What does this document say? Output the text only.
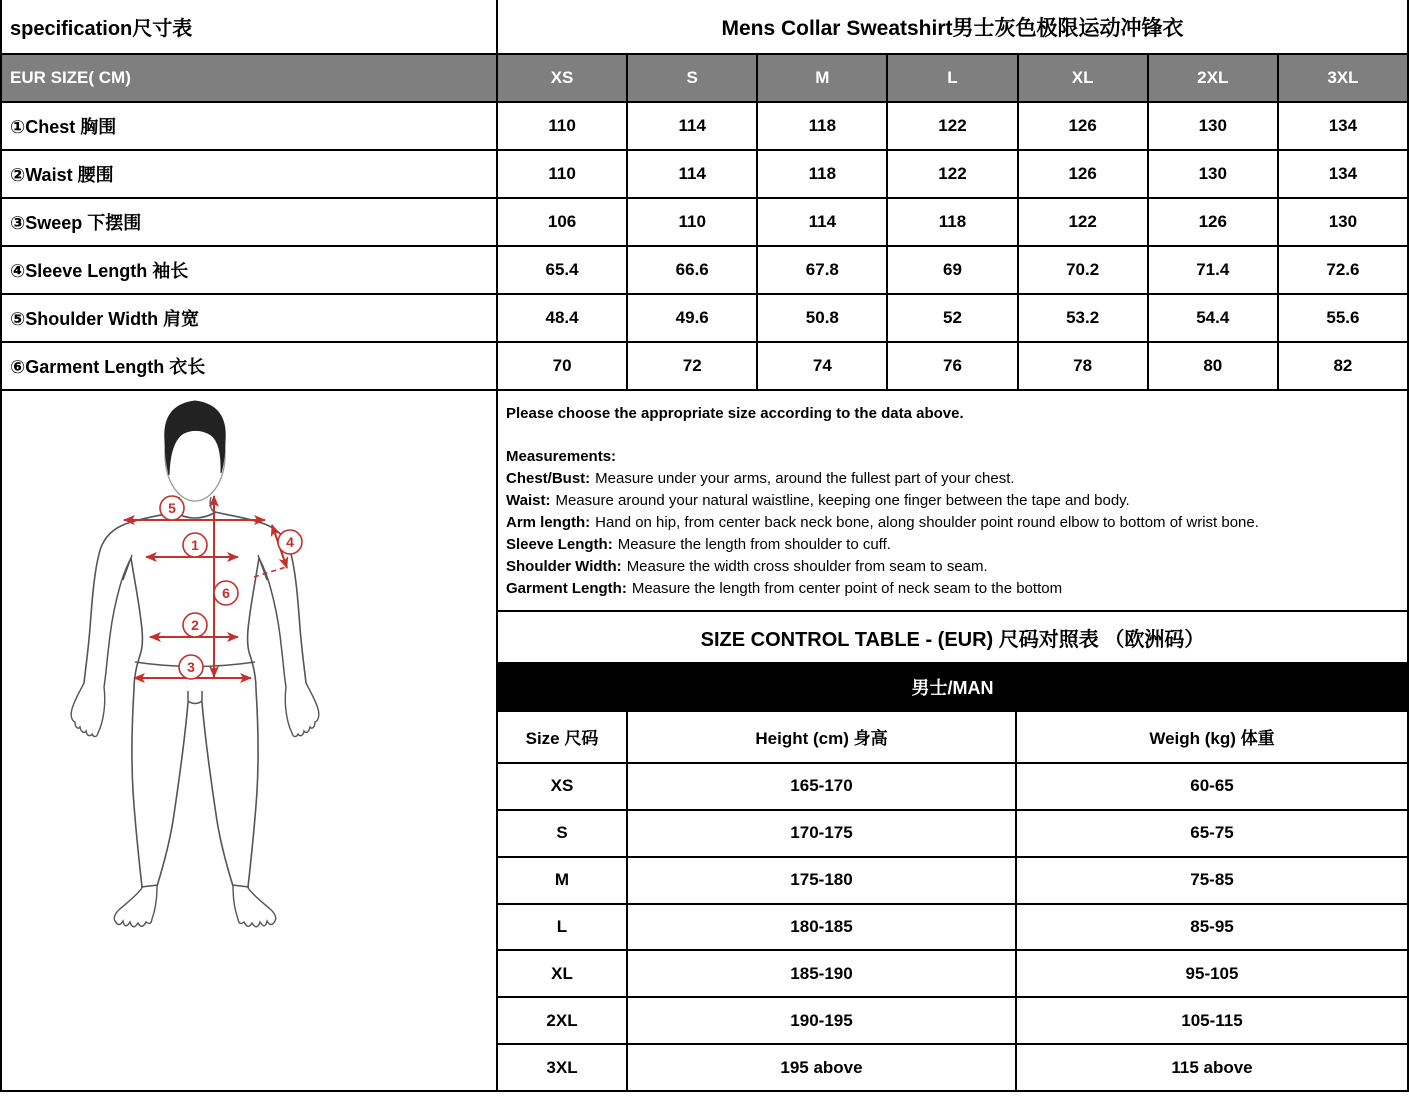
specification尺寸表	Mens Collar Sweatshirt男士灰色极限运动冲锋衣
EUR SIZE( CM)	XS	S	M	L	XL	2XL	3XL
①Chest 胸围	110	114	118	122	126	130	134
②Waist 腰围	110	114	118	122	126	130	134
③Sweep 下摆围	106	110	114	118	122	126	130
④Sleeve Length 袖长	65.4	66.6	67.8	69	70.2	71.4	72.6
⑤Shoulder Width 肩宽	48.4	49.6	50.8	52	53.2	54.4	55.6
⑥Garment Length 衣长	70	72	74	76	78	80	82
5
1	4
6
2
3
Please choose the appropriate size according to the data above.
Measurements:
Chest/Bust: Measure under your arms, around the fullest part of your chest.
Waist: Measure around your natural waistline, keeping one finger between the tape and body.
Arm length: Hand on hip, from center back neck bone, along shoulder point round elbow to bottom of wrist bone.
Sleeve Length: Measure the length from shoulder to cuff.
Shoulder Width: Measure the width cross shoulder from seam to seam.
Garment Length: Measure the length from center point of neck seam to the bottom
SIZE CONTROL TABLE - (EUR) 尺码对照表 （欧洲码）
男士/MAN
Size 尺码	Height (cm) 身高	Weigh (kg) 体重
XS	165-170	60-65
S	170-175	65-75
M	175-180	75-85
L	180-185	85-95
XL	185-190	95-105
2XL	190-195	105-115
3XL	195 above	115 above
